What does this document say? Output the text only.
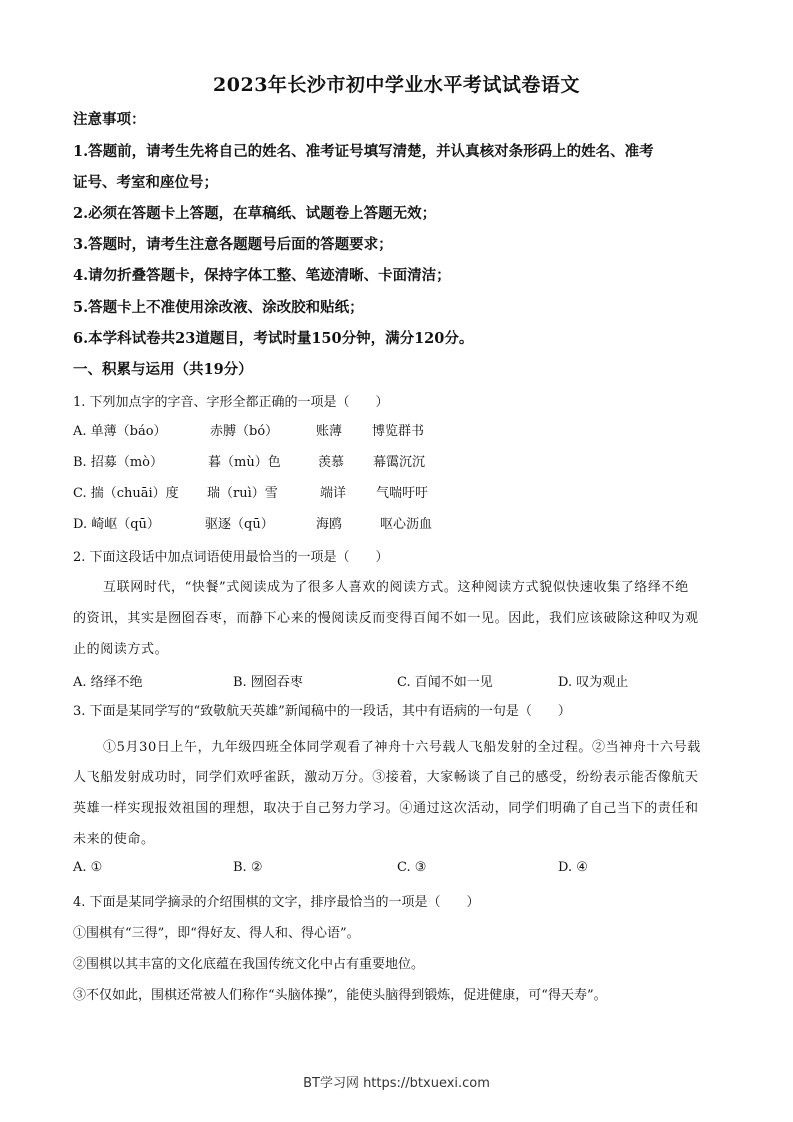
2023年长沙市初中学业水平考试试卷语文
注意事项：
1.答题前，请考生先将自己的姓名、准考证号填写清楚，并认真核对条形码上的姓名、准考
证号、考室和座位号；
2.必须在答题卡上答题，在草稿纸、试题卷上答题无效；
3.答题时，请考生注意各题题号后面的答题要求；
4.请勿折叠答题卡，保持字体工整、笔迹清晰、卡面清洁；
5.答题卡上不准使用涂改液、涂改胶和贴纸；
6.本学科试卷共23道题目，考试时量150分钟，满分120分。
一、积累与运用（共19分）
1. 下列加点字的字音、字形全都正确的一项是（　　）
A. 单薄（báo）	赤膊（bó）	账薄 博览群书
B. 招募（mò）	暮（mù）色	羡慕 幕霭沉沉
C. 揣（chuāi）度 瑞（ruì）雪	端详 气喘吁吁
D. 崎岖（qū）	驱逐（qū）	海鸥	呕心沥血
2. 下面这段话中加点词语使用最恰当的一项是（　　）
互联网时代，“快餐”式阅读成为了很多人喜欢的阅读方式。这种阅读方式貌似快速收集了络绎不绝
的资讯，其实是囫囵吞枣，而静下心来的慢阅读反而变得百闻不如一见。因此，我们应该破除这种叹为观
止的阅读方式。
A. 络绎不绝	B. 囫囵吞枣	C. 百闻不如一见	D. 叹为观止
3. 下面是某同学写的“致敬航天英雄”新闻稿中的一段话，其中有语病的一句是（　　）
①5月30日上午，九年级四班全体同学观看了神舟十六号载人飞船发射的全过程。②当神舟十六号载
人飞船发射成功时，同学们欢呼雀跃，激动万分。③接着，大家畅谈了自己的感受，纷纷表示能否像航天
英雄一样实现报效祖国的理想，取决于自己努力学习。④通过这次活动，同学们明确了自己当下的责任和
未来的使命。
A. ①	B. ②	C. ③	D. ④
4. 下面是某同学摘录的介绍围棋的文字，排序最恰当的一项是（　　）
①围棋有“三得”，即“得好友、得人和、得心语”。
②围棋以其丰富的文化底蕴在我国传统文化中占有重要地位。
③不仅如此，围棋还常被人们称作“头脑体操”，能使头脑得到锻炼，促进健康，可“得天寿”。
BT学习网 https://btxuexi.com
